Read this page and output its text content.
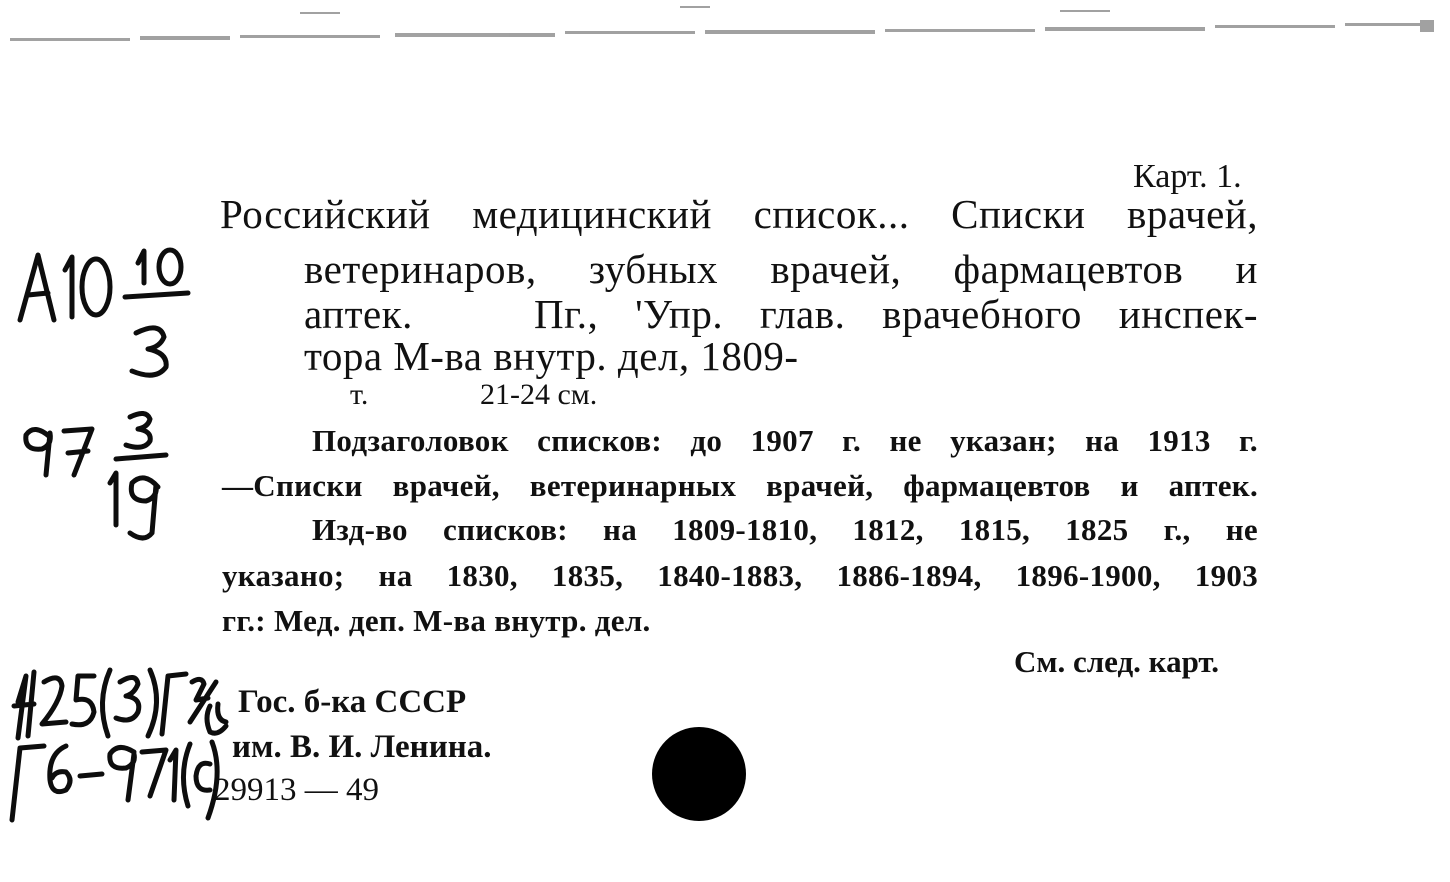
Карт. 1.
Российский медицинский список... Списки врачей,
ветеринаров, зубных врачей, фармацевтов и
аптек.	Пг., 'Упр. глав. врачебного инспек-
тора М-ва внутр. дел, 1809-
т.	21-24 см.
Подзаголовок списков: до 1907 г. не указан; на 1913 г.
—Списки врачей, ветеринарных врачей, фармацевтов и аптек.
Изд-во списков: на 1809-1810, 1812, 1815, 1825 г., не
указано; на 1830, 1835, 1840-1883, 1886-1894, 1896-1900, 1903
гг.: Мед. деп. М-ва внутр. дел.
См. след. карт.
Гос. б-ка СССР
им. В. И. Ленина.
29913 — 49
